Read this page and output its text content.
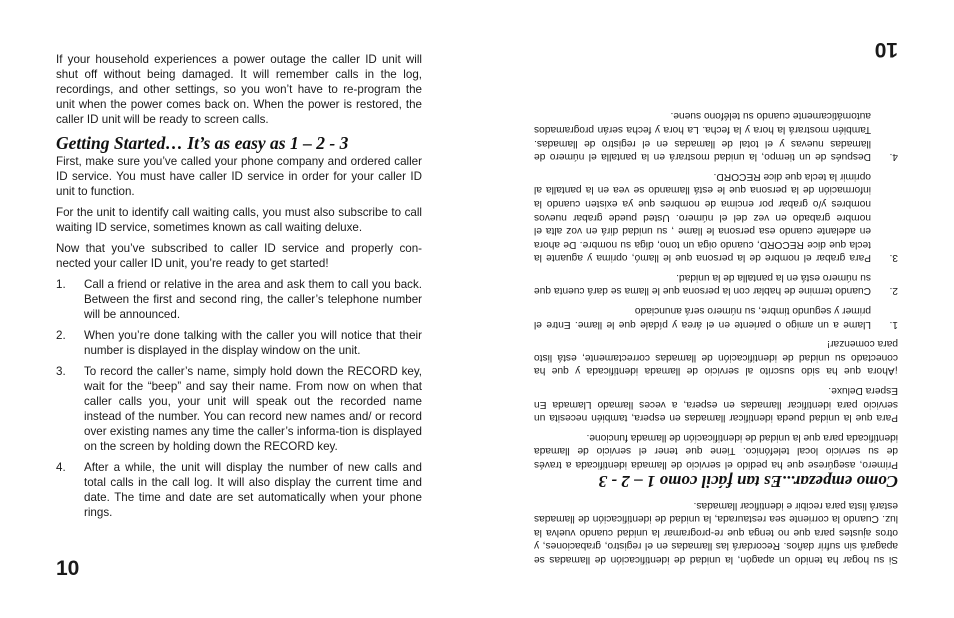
If your household experiences a power outage the caller ID unit will shut off without being damaged. It will remember calls in the log, recordings, and other settings, so you won’t have to re-program the unit when the power comes back on. When the power is restored, the caller ID unit will be ready to screen calls.

Getting Started… It’s as easy as 1 – 2 - 3

First, make sure you’ve called your phone company and ordered caller ID service. You must have caller ID service in order for your caller ID unit to function.

For the unit to identify call waiting calls, you must also subscribe to call waiting ID service, sometimes known as call waiting deluxe.

Now that you’ve subscribed to caller ID service and properly con-nected your caller ID unit, you’re ready to get started!

1. Call a friend or relative in the area and ask them to call you back. Between the first and second ring, the caller’s telephone number will be announced.
2. When you’re done talking with the caller you will notice that their number is displayed in the display window on the unit.
3. To record the caller’s name, simply hold down the RECORD key, wait for the “beep” and say their name. From now on when that caller calls you, your unit will speak out the recorded name instead of the number. You can record new names and/ or record over existing names any time the caller’s informa-tion is displayed on the screen by holding down the RECORD key.
4. After a while, the unit will display the number of new calls and total calls in the call log. It will also display the current time and date. The time and date are set automatically when your phone rings.
10	Si su hogar ha tenido un apagón, la unidad de identificación de llamadas se apagará sin sufrir daños. Recordará las llamadas en el registro, grabaciones, y otros ajustes para que no tenga que re-programar la unidad cuando vuelva la luz. Cuando la corriente sea restaurada, la unidad de identificación de llamadas estará lista para recibir e identificar llamadas.

Como empezar...Es tan fácil como 1 – 2 - 3

Primero, asegúrese que ha pedido el servicio de llamada identificada a través de su servicio local telefónico. Tiene que tener el servicio de llamada identificada para que la unidad de identificación de llamada funcione.

Para que la unidad pueda identificar llamadas en espera, también necesita un servicio para identificar llamadas en espera, a veces llamado Llamada En Espera Deluxe.

¡Ahora que ha sido suscrito al servicio de llamada identificada y que ha conectado su unidad de identificación de llamadas correctamente, está listo para comenzar!

1.
Llame a un amigo o pariente en el área y pídale que le llame. Entre el primer y segundo timbre, su número será anunciado
2.
Cuando termine de hablar con la persona que le llama se dará cuenta que su número está en la pantalla de la unidad.
3.
Para grabar el nombre de la persona que le llamó, oprima y aguante la tecla que dice RECORD, cuando oiga un tono, diga su nombre. De ahora en adelante cuando esa persona le llame , su unidad dirá en voz alta el nombre grabado en vez del el número. Usted puede grabar nuevos nombres y/o grabar por encima de nombres que ya existen cuando la información de la persona que le está llamando se vea en la pantalla al oprimir la tecla que dice RECORD.
4.
Después de un tiempo, la unidad mostrará en la pantalla el número de llamadas nuevas y el total de llamadas en el registro de llamadas. También mostrará la hora y la fecha. La hora y fecha serán programados automáticamente cuando su teléfono suene.
10
